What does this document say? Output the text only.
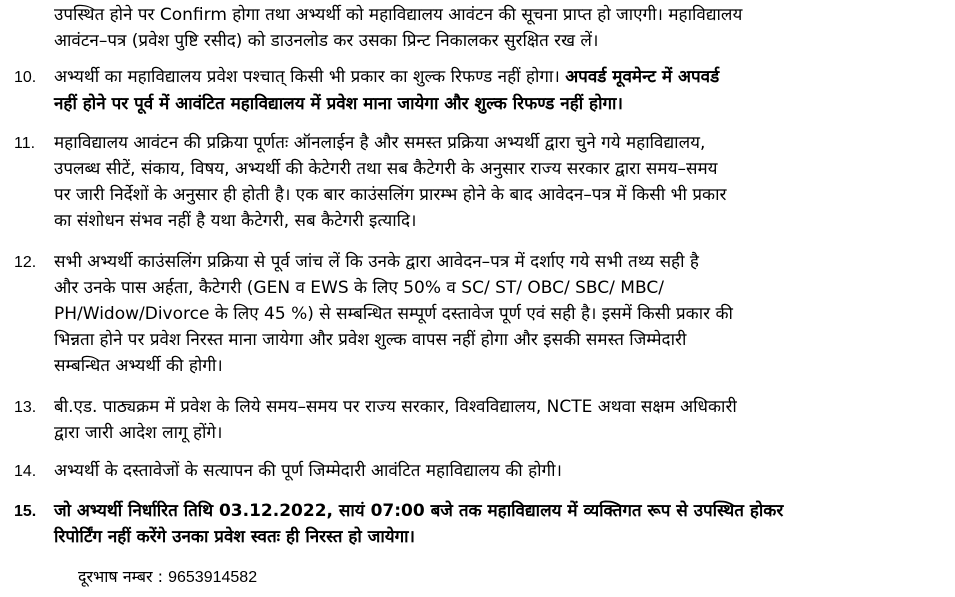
उपस्थित होने पर Confirm होगा तथा अभ्यर्थी को महाविद्यालय आवंटन की सूचना प्राप्त हो जाएगी। महाविद्यालय
आवंटन–पत्र (प्रवेश पुष्टि रसीद) को डाउनलोड कर उसका प्रिन्ट निकालकर सुरक्षित रख लें।
10.	अभ्यर्थी का महाविद्यालय प्रवेश पश्चात् किसी भी प्रकार का शुल्क रिफण्ड नहीं होगा। अपवर्ड मूवमेन्ट में अपवर्ड
नहीं होने पर पूर्व में आवंटित महाविद्यालय में प्रवेश माना जायेगा और शुल्क रिफण्ड नहीं होगा।
11.	महाविद्यालय आवंटन की प्रक्रिया पूर्णतः ऑनलाईन है और समस्त प्रक्रिया अभ्यर्थी द्वारा चुने गये महाविद्यालय,
उपलब्ध सीटें, संकाय, विषय, अभ्यर्थी की केटेगरी तथा सब कैटेगरी के अनुसार राज्य सरकार द्वारा समय–समय
पर जारी निर्देशों के अनुसार ही होती है। एक बार काउंसलिंग प्रारम्भ होने के बाद आवेदन–पत्र में किसी भी प्रकार
का संशोधन संभव नहीं है यथा कैटेगरी, सब कैटेगरी इत्यादि।
12.	सभी अभ्यर्थी काउंसलिंग प्रक्रिया से पूर्व जांच लें कि उनके द्वारा आवेदन–पत्र में दर्शाए गये सभी तथ्य सही है
और उनके पास अर्हता, कैटेगरी (GEN व EWS के लिए 50% व SC/ ST/ OBC/ SBC/ MBC/
PH/Widow/Divorce के लिए 45 %) से सम्बन्धित सम्पूर्ण दस्तावेज पूर्ण एवं सही है। इसमें किसी प्रकार की
भिन्नता होने पर प्रवेश निरस्त माना जायेगा और प्रवेश शुल्क वापस नहीं होगा और इसकी समस्त जिम्मेदारी
सम्बन्धित अभ्यर्थी की होगी।
13.	बी.एड. पाठ्यक्रम में प्रवेश के लिये समय–समय पर राज्य सरकार, विश्वविद्यालय, NCTE अथवा सक्षम अधिकारी
द्वारा जारी आदेश लागू होंगे।
14.	अभ्यर्थी के दस्तावेजों के सत्यापन की पूर्ण जिम्मेदारी आवंटित महाविद्यालय की होगी।
15.	जो अभ्यर्थी निर्धारित तिथि 03.12.2022, सायं 07:00 बजे तक महाविद्यालय में व्यक्तिगत रूप से उपस्थित होकर
रिपोर्टिंग नहीं करेंगे उनका प्रवेश स्वतः ही निरस्त हो जायेगा।
दूरभाष नम्बर : 9653914582
